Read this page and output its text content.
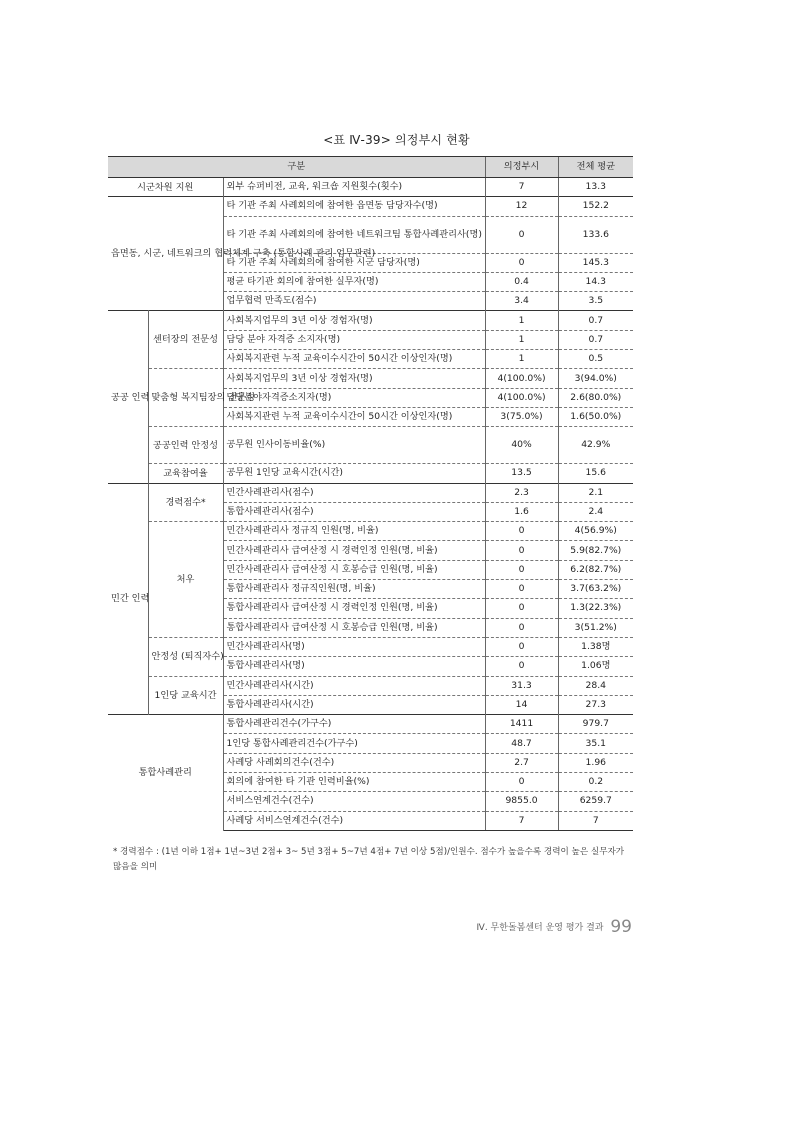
<표 Ⅳ-39> 의정부시 현황
구분			의정부시	전체 평균
시군차원 지원		외부 슈퍼비전, 교육, 워크숍 지원횟수(횟수)	7	13.3
읍면동, 시군, 네트워크의 협력체계 구축 (통합사례 관리 업무관련)		타 기관 주최 사례회의에 참여한 읍면동 담당자수(명)	12	152.2
		타 기관 주최 사례회의에 참여한 네트워크팀 통합사례관리사(명)	0	133.6
		타 기관 주최 사례회의에 참여한 시군 담당자(명)	0	145.3
		평균 타기관 회의에 참여한 실무자(명)	0.4	14.3
		업무협력 만족도(점수)	3.4	3.5
공공 인력	센터장의 전문성	사회복지업무의 3년 이상 경험자(명)	1	0.7
		담당 분야 자격증 소지자(명)	1	0.7
		사회복지관련 누적 교육이수시간이 50시간 이상인자(명)	1	0.5
	맞춤형 복지팀장의 전문성	사회복지업무의 3년 이상 경험자(명)	4(100.0%)	3(94.0%)
		담당분야자격증소지자(명)	4(100.0%)	2.6(80.0%)
		사회복지관련 누적 교육이수시간이 50시간 이상인자(명)	3(75.0%)	1.6(50.0%)
	공공인력 안정성	공무원 인사이동비율(%)	40%	42.9%
	교육참여율	공무원 1인당 교육시간(시간)	13.5	15.6
민간 인력	경력점수*	민간사례관리사(점수)	2.3	2.1
		통합사례관리사(점수)	1.6	2.4
	처우	민간사례관리사 정규직 인원(명, 비율)	0	4(56.9%)
		민간사례관리사 급여산정 시 경력인정 인원(명, 비율)	0	5.9(82.7%)
		민간사례관리사 급여산정 시 호봉승급 인원(명, 비율)	0	6.2(82.7%)
		통합사례관리사 정규직인원(명, 비율)	0	3.7(63.2%)
		통합사례관리사 급여산정 시 경력인정 인원(명, 비율)	0	1.3(22.3%)
		통합사례관리사 급여산정 시 호봉승급 인원(명, 비율)	0	3(51.2%)
	안정성 (퇴직자수)	민간사례관리사(명)	0	1.38명
		통합사례관리사(명)	0	1.06명
	1인당 교육시간	민간사례관리사(시간)	31.3	28.4
		통합사례관리사(시간)	14	27.3
통합사례관리		통합사례관리건수(가구수)	1411	979.7
		1인당 통합사례관리건수(가구수)	48.7	35.1
		사례당 사례회의건수(건수)	2.7	1.96
		회의에 참여한 타 기관 인력비율(%)	0	0.2
		서비스연계건수(건수)	9855.0	6259.7
		사례당 서비스연계건수(건수)	7	7
* 경력점수 : (1년 이하 1점+ 1년~3년 2점+ 3~ 5년 3점+ 5~7년 4점+ 7년 이상 5점)/인원수. 점수가 높을수록 경력이 높은 실무자가 많음을 의미
Ⅳ. 무한돌봄센터 운영 평가 결과 99
